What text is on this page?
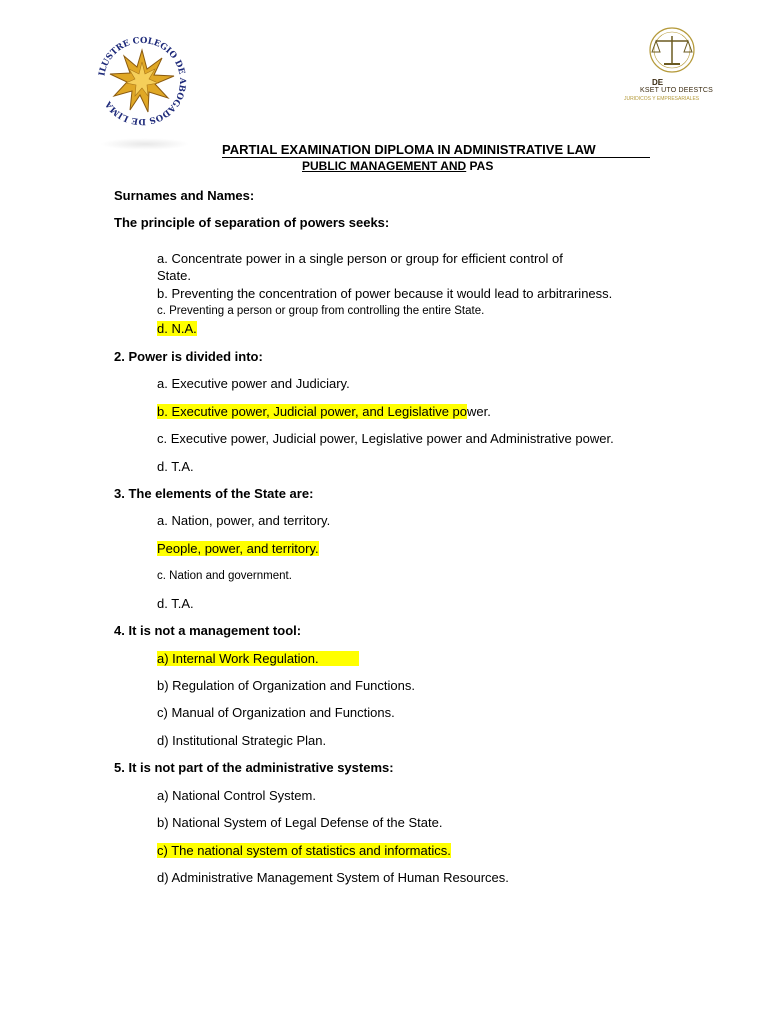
ILUSTRE COLEGIO DE ABOGADOS DE LIMA
DE
KSET UTO DEESTCS
JURIDICOS Y EMPRESARIALES
PARTIAL EXAMINATION DIPLOMA IN ADMINISTRATIVE LAW
PUBLIC MANAGEMENT AND PAS
Surnames and Names:
The principle of separation of powers seeks:
a. Concentrate power in a single person or group for efficient control of
State.
b. Preventing the concentration of power because it would lead to arbitrariness.
c. Preventing a person or group from controlling the entire State.
d. N.A.
2. Power is divided into:
a. Executive power and Judiciary.
b. Executive power, Judicial power, and Legislative power.
c. Executive power, Judicial power, Legislative power and Administrative power.
d. T.A.
3. The elements of the State are:
a. Nation, power, and territory.
People, power, and territory.
c. Nation and government.
d. T.A.
4. It is not a management tool:
a) Internal Work Regulation.
b) Regulation of Organization and Functions.
c) Manual of Organization and Functions.
d) Institutional Strategic Plan.
5. It is not part of the administrative systems:
a) National Control System.
b) National System of Legal Defense of the State.
c) The national system of statistics and informatics.
d) Administrative Management System of Human Resources.
